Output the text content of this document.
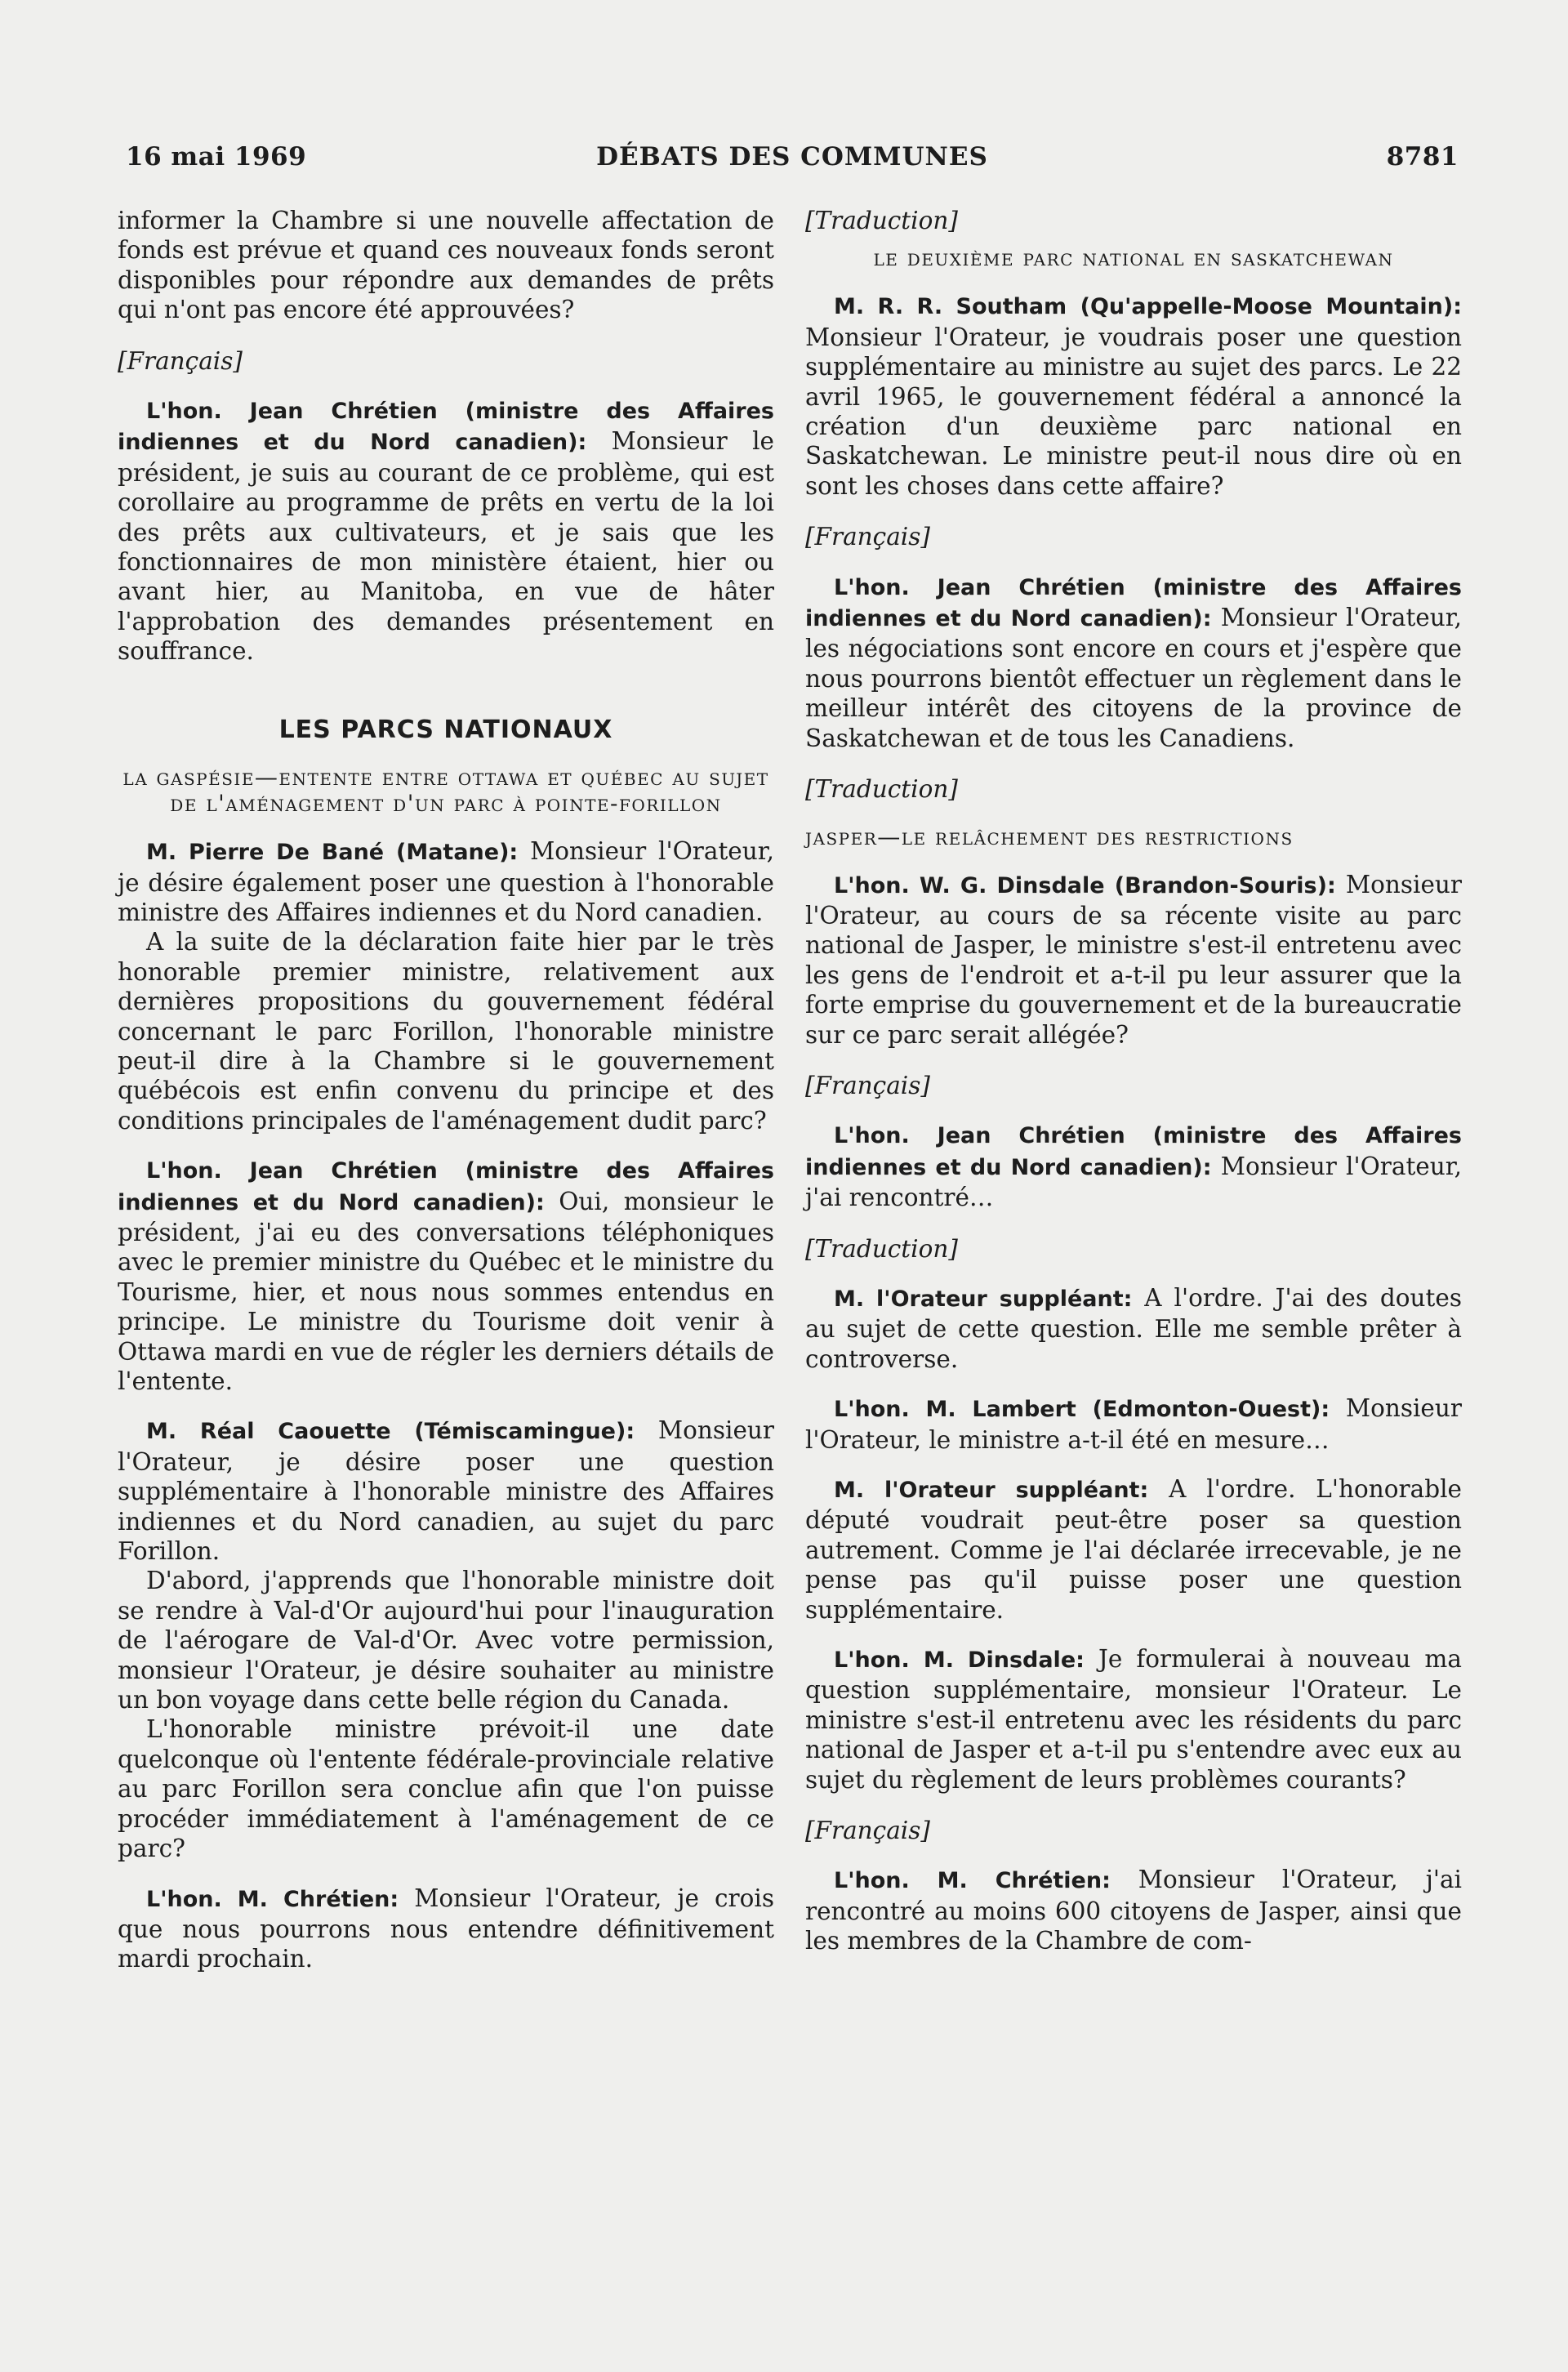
16 mai 1969	DÉBATS DES COMMUNES	8781

informer la Chambre si une nouvelle affectation de fonds est prévue et quand ces nouveaux fonds seront disponibles pour répondre aux demandes de prêts qui n'ont pas encore été approuvées?

[Français]

L'hon. Jean Chrétien (ministre des Affaires indiennes et du Nord canadien): Monsieur le président, je suis au courant de ce problème, qui est corollaire au programme de prêts en vertu de la loi des prêts aux cultivateurs, et je sais que les fonctionnaires de mon ministère étaient, hier ou avant hier, au Manitoba, en vue de hâter l'approbation des demandes présentement en souffrance.

LES PARCS NATIONAUX
la gaspésie—entente entre ottawa et québec au sujet de l'aménagement d'un parc à pointe-forillon

M. Pierre De Bané (Matane): Monsieur l'Orateur, je désire également poser une question à l'honorable ministre des Affaires indiennes et du Nord canadien.

A la suite de la déclaration faite hier par le très honorable premier ministre, relativement aux dernières propositions du gouvernement fédéral concernant le parc Forillon, l'honorable ministre peut-il dire à la Chambre si le gouvernement québécois est enfin convenu du principe et des conditions principales de l'aménagement dudit parc?

L'hon. Jean Chrétien (ministre des Affaires indiennes et du Nord canadien): Oui, monsieur le président, j'ai eu des conversations téléphoniques avec le premier ministre du Québec et le ministre du Tourisme, hier, et nous nous sommes entendus en principe. Le ministre du Tourisme doit venir à Ottawa mardi en vue de régler les derniers détails de l'entente.

M. Réal Caouette (Témiscamingue): Monsieur l'Orateur, je désire poser une question supplémentaire à l'honorable ministre des Affaires indiennes et du Nord canadien, au sujet du parc Forillon.

D'abord, j'apprends que l'honorable ministre doit se rendre à Val-d'Or aujourd'hui pour l'inauguration de l'aérogare de Val-d'Or. Avec votre permission, monsieur l'Orateur, je désire souhaiter au ministre un bon voyage dans cette belle région du Canada.

L'honorable ministre prévoit-il une date quelconque où l'entente fédérale-provinciale relative au parc Forillon sera conclue afin que l'on puisse procéder immédiatement à l'aménagement de ce parc?

L'hon. M. Chrétien: Monsieur l'Orateur, je crois que nous pourrons nous entendre définitivement mardi prochain.

[Traduction]
le deuxième parc national en saskatchewan

M. R. R. Southam (Qu'appelle-Moose Mountain): Monsieur l'Orateur, je voudrais poser une question supplémentaire au ministre au sujet des parcs. Le 22 avril 1965, le gouvernement fédéral a annoncé la création d'un deuxième parc national en Saskatchewan. Le ministre peut-il nous dire où en sont les choses dans cette affaire?

[Français]

L'hon. Jean Chrétien (ministre des Affaires indiennes et du Nord canadien): Monsieur l'Orateur, les négociations sont encore en cours et j'espère que nous pourrons bientôt effectuer un règlement dans le meilleur intérêt des citoyens de la province de Saskatchewan et de tous les Canadiens.

[Traduction]
jasper—le relâchement des restrictions

L'hon. W. G. Dinsdale (Brandon-Souris): Monsieur l'Orateur, au cours de sa récente visite au parc national de Jasper, le ministre s'est-il entretenu avec les gens de l'endroit et a-t-il pu leur assurer que la forte emprise du gouvernement et de la bureaucratie sur ce parc serait allégée?

[Français]

L'hon. Jean Chrétien (ministre des Affaires indiennes et du Nord canadien): Monsieur l'Orateur, j'ai rencontré…

[Traduction]

M. l'Orateur suppléant: A l'ordre. J'ai des doutes au sujet de cette question. Elle me semble prêter à controverse.

L'hon. M. Lambert (Edmonton-Ouest): Monsieur l'Orateur, le ministre a-t-il été en mesure…

M. l'Orateur suppléant: A l'ordre. L'honorable député voudrait peut-être poser sa question autrement. Comme je l'ai déclarée irrecevable, je ne pense pas qu'il puisse poser une question supplémentaire.

L'hon. M. Dinsdale: Je formulerai à nouveau ma question supplémentaire, monsieur l'Orateur. Le ministre s'est-il entretenu avec les résidents du parc national de Jasper et a-t-il pu s'entendre avec eux au sujet du règlement de leurs problèmes courants?

[Français]

L'hon. M. Chrétien: Monsieur l'Orateur, j'ai rencontré au moins 600 citoyens de Jasper, ainsi que les membres de la Chambre de com-
